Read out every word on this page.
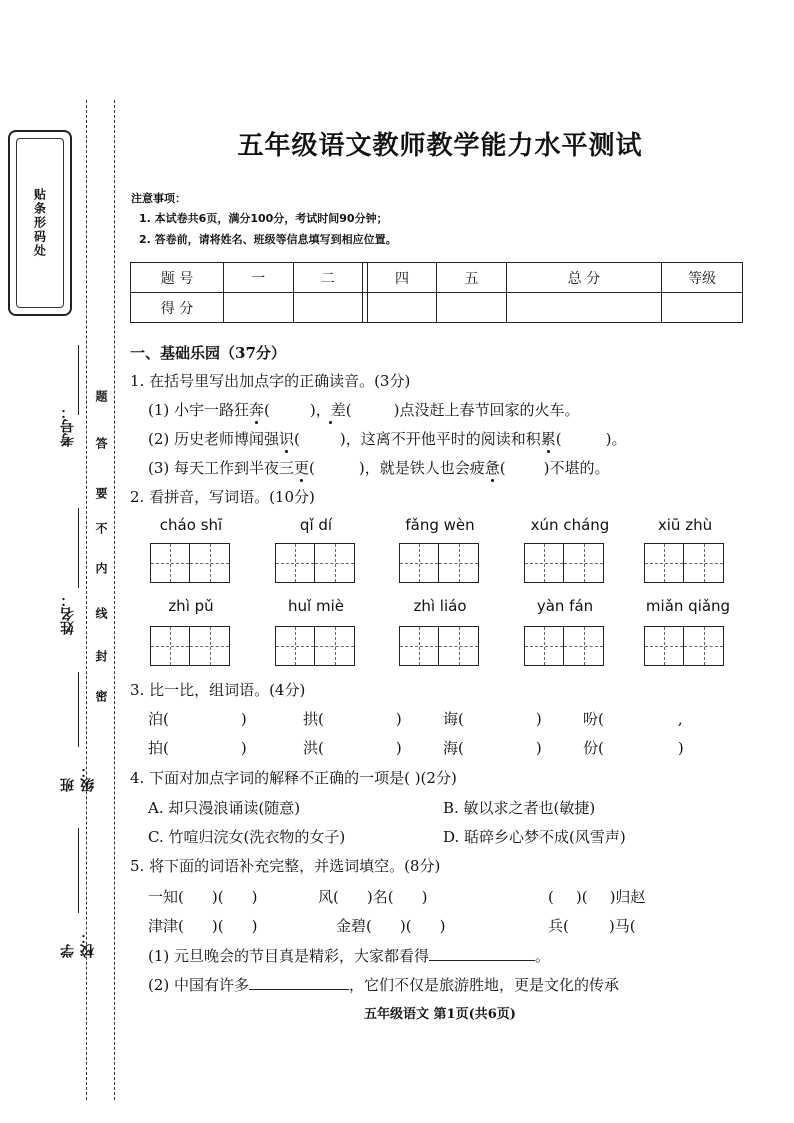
贴条形码处
题
答
要
不
内
线
封
密
考号：
姓名：
班级：
学校：
五年级语文教师教学能力水平测试
注意事项：
1. 本试卷共6页，满分100分，考试时间90分钟；
2. 答卷前，请将姓名、班级等信息填写到相应位置。
题 号	一	二		四	五	总 分	等级
得 分							
一、基础乐园（37分）
1. 在括号里写出加点字的正确读音。(3分)
(1) 小宇一路狂奔(	)，差(	)点没赶上春节回家的火车。
(2) 历史老师博闻强识(	)，这离不开他平时的阅读和积累(	)。
(3) 每天工作到半夜三更(	)，就是铁人也会疲惫(	)不堪的。
2. 看拼音，写词语。(10分)
cháo shī	qǐ dí	fǎng wèn	xún cháng	xiū zhù
zhì pǔ	huǐ miè	zhì liáo	yàn fán	miǎn qiǎng
3. 比一比，组词语。(4分)
泊(	)	拱(	)	诲(	)	吩(	,
拍(	)	洪(	)	海(	)	份(	)
4. 下面对加点字词的解释不正确的一项是( )(2分)
A. 却只漫浪诵读(随意)	B. 敏以求之者也(敏捷)
C. 竹喧归浣女(洗衣物的女子)	D. 聒碎乡心梦不成(风雪声)
5. 将下面的词语补充完整，并选词填空。(8分)
一知( )( )	风( )名( )	( )( )归赵
津津( )( )	金碧( )( )	兵(	)马(
(1) 元旦晚会的节目真是精彩，大家都看得	。
(2) 中国有许多	，它们不仅是旅游胜地，更是文化的传承
五年级语文 第1页(共6页)
